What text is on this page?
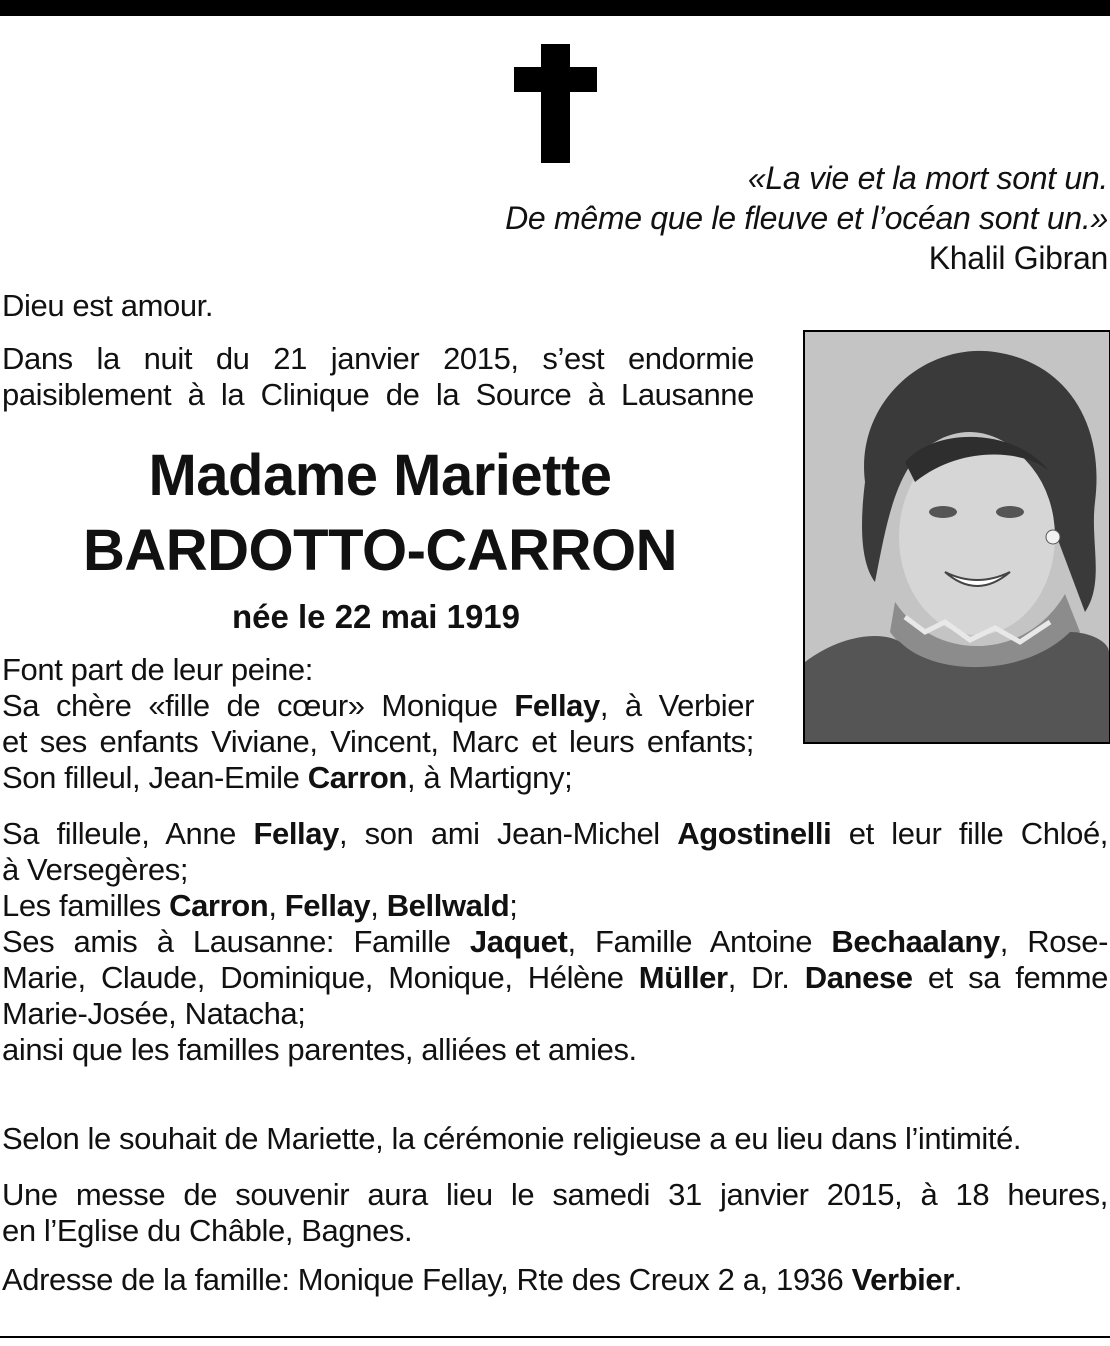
«La vie et la mort sont un.
De même que le fleuve et l’océan sont un.»
Khalil Gibran
Dieu est amour.
Dans la nuit du 21 janvier 2015, s’est endormie
paisiblement à la Clinique de la Source à Lausanne
Madame Mariette
BARDOTTO-CARRON
née le 22 mai 1919
Font part de leur peine:
Sa chère «fille de cœur» Monique Fellay, à Verbier
et ses enfants Viviane, Vincent, Marc et leurs enfants;
Son filleul, Jean-Emile Carron, à Martigny;
Sa filleule, Anne Fellay, son ami Jean-Michel Agostinelli et leur fille Chloé,
à Versegères;
Les familles Carron, Fellay, Bellwald;
Ses amis à Lausanne: Famille Jaquet, Famille Antoine Bechaalany, Rose-
Marie, Claude, Dominique, Monique, Hélène Müller, Dr. Danese et sa femme
Marie-Josée, Natacha;
ainsi que les familles parentes, alliées et amies.
Selon le souhait de Mariette, la cérémonie religieuse a eu lieu dans l’intimité.
Une messe de souvenir aura lieu le samedi 31 janvier 2015, à 18 heures,
en l’Eglise du Châble, Bagnes.
Adresse de la famille: Monique Fellay, Rte des Creux 2 a, 1936 Verbier.
